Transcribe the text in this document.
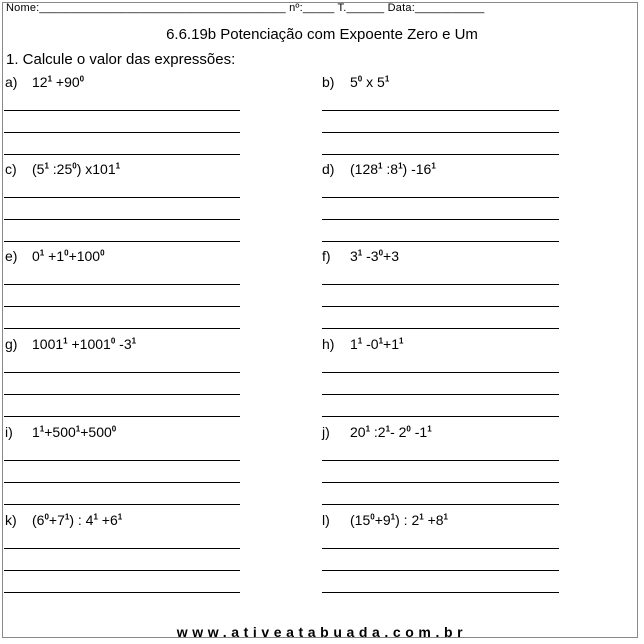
Nome:_______________________________________ nº:_____ T.______ Data:___________
6.6.19b Potenciação com Expoente Zero e Um
1. Calcule o valor das expressões:
a) $12^1 +90^0$	b) $5^0$ x $5^1$
c) ($5^1$ $:25^0$) $x101^1$	d) ($128^1$ $:8^1$) $-16^1$
e) $0^1 +1^0+100^0$	f) $3^1$ $-3^0+3$
g) $1001^1 +1001^0$ $-3^1$	h) $1^1$ $-0^1+1^1$
i) $1^1+500^1+500^0$	j) $20^1$ $:2^1-$ $2^0$ $-1^1$
k) $(6^0+7^1)$ : $4^1 +6^1$	l) $(15^0+9^1)$ : $2^1 +8^1$
www.ativeatabuada.com.br
